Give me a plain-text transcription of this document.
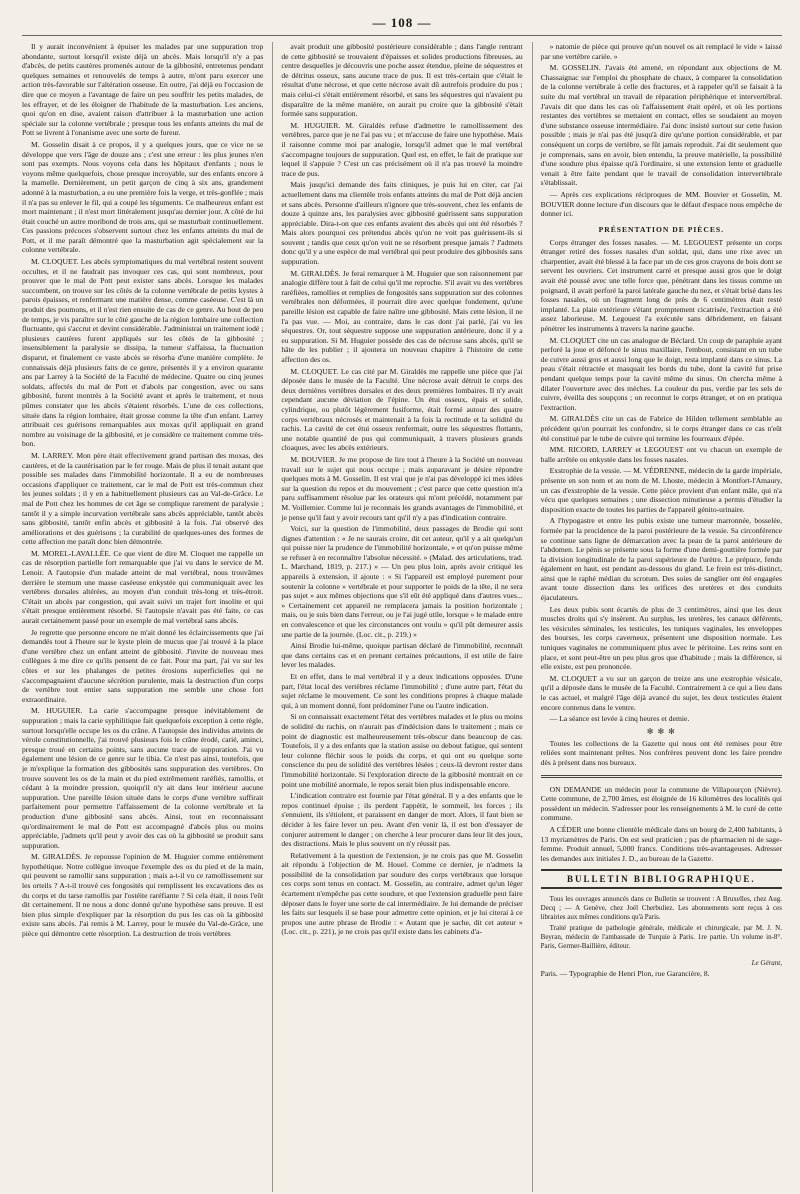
— 108 —

Il y aurait inconvénient à épuiser les malades par une suppuration trop abondante, surtout lorsqu'il existe déjà un abcès. Mais lorsqu'il n'y a pas d'abcès, de petits cautères promenés autour de la gibbosité, entretenus pendant quelques semaines et renouvelés de temps à autre, m'ont paru exercer une action très-favorable sur l'altération osseuse. En outre, j'ai déjà eu l'occasion de dire que ce moyen a l'avantage de faire un peu souffrir les petits malades, de les effrayer, et de les éloigner de l'habitude de la masturbation. Les anciens, quoi qu'on en dise, avaient raison d'attribuer à la masturbation une action spéciale sur la colonne vertébrale ; presque tous les enfants atteints du mal de Pott se livrent à l'onanisme avec une sorte de fureur.

M. Gosselin disait à ce propos, il y a quelques jours, que ce vice ne se développe que vers l'âge de douze ans ; c'est une erreur : les plus jeunes n'en sont pas exempts. Nous voyons cela dans les hôpitaux d'enfants ; nous le voyons même quelquefois, chose presque incroyable, sur des enfants encore à la mamelle. Dernièrement, un petit garçon de cinq à six ans, grandement adonné à la masturbation, a eu une première fois la verge, et très-gonflée ; mais il n'a pas su enlever le fil, qui a coupé les téguments. Ce malheureux enfant est mort maintenant ; il n'est mort littéralement jusqu'au dernier jour. A côté de lui était couché un autre moribond de trois ans, qui se masturbait continuellement. Ces passions précoces s'observent surtout chez les enfants atteints du mal de Pott, et il me paraît démontré que la masturbation agit spécialement sur la colonne vertébrale.

M. CLOQUET. Les abcès symptomatiques du mal vertébral restent souvent occultes, et il ne faudrait pas invoquer ces cas, qui sont nombreux, pour prouver que le mal de Pott peut exister sans abcès. Lorsque les malades succombent, on trouve sur les côtés de la colonne vertébrale de petits kystes à parois épaisses, et renfermant une matière dense, comme caséeuse. C'est là un produit des poumons, et il n'est rien ensuite de cas de ce genre. Au bout de peu de temps, je vis paraître sur le côté gauche de la région lombaire une collection fluctuante, qui s'accrut et devint considérable. J'administrai un traitement iodé ; plusieurs cautères furent appliqués sur les côtés de la gibbosité ; insensiblement la paralysie se dissipa, la tumeur s'affaissa, la fluctuation disparut, et finalement ce vaste abcès se résorba d'une manière complète. Je connaissais déjà plusieurs faits de ce genre, présentés il y a environ quarante ans par Larrey à la Société de la Faculté de médecine. Quatre ou cinq jeunes soldats, affectés du mal de Pott et d'abcès par congestion, avec ou sans gibbosité, furent montrés à la Société avant et après le traitement, et nous pûmes constater que les abcès s'étaient résorbés. L'une de ces collections, située dans la région lombaire, était grosse comme la tête d'un enfant. Larrey attribuait ces guérisons remarquables aux moxas qu'il appliquait en grand nombre au voisinage de la gibbosité, et je considère ce traitement comme très-bon.

M. LARREY. Mon père était effectivement grand partisan des moxas, des cautères, et de la cautérisation par le fer rouge. Mais de plus il tenait autant que possible ses malades dans l'immobilité horizontale. Il a eu de nombreuses occasions d'appliquer ce traitement, car le mal de Pott est très-commun chez les jeunes soldats ; il y en a habituellement plusieurs cas au Val-de-Grâce. Le mal de Pott chez les hommes de cet âge se complique rarement de paralysie ; tantôt il y a simple incurvation vertébrale sans abcès appréciable, tantôt abcès sans gibbosité, tantôt enfin abcès et gibbosité à la fois. J'ai observé des améliorations et des guérisons ; la curabilité de quelques-unes des formes de cette affection me paraît donc bien démontrée.

M. MOREL-LAVALLÉE. Ce que vient de dire M. Cloquet me rappelle un cas de résorption partielle fort remarquable que j'ai vu dans le service de M. Lenoir. A l'autopsie d'un malade atteint de mal vertébral, nous trouvâmes derrière le sternum une masse caséeuse enkystée qui communiquait avec les vertèbres dorsales altérées, au moyen d'un conduit très-long et très-étroit. C'était un abcès par congestion, qui avait suivi un trajet fort insolite et qui s'était presque entièrement résorbé. Si l'autopsie n'avait pas été faite, ce cas aurait certainement passé pour un exemple de mal vertébral sans abcès.

Je regrette que personne encore ne m'ait donné les éclaircissements que j'ai demandés tout à l'heure sur le kyste plein de mucus que j'ai trouvé à la place d'une vertèbre chez un enfant atteint de gibbosité. J'invite de nouveau mes collègues à me dire ce qu'ils pensent de ce fait. Pour ma part, j'ai vu sur les côtes et sur les phalanges de petites érosions superficielles qui ne s'accompagnaient d'aucune sécrétion purulente, mais la destruction d'un corps de vertèbre tout entier sans suppuration me semble une chose fort extraordinaire.

M. HUGUIER. La carie s'accompagne presque inévitablement de suppuration ; mais la carie syphilitique fait quelquefois exception à cette règle, surtout lorsqu'elle occupe les os du crâne. A l'autopsie des individus atteints de vérole constitutionnelle, j'ai trouvé plusieurs fois le crâne érodé, carié, aminci, presque troué en certains points, sans aucune trace de suppuration. J'ai vu également une lésion de ce genre sur le tibia. Ce n'est pas ainsi, toutefois, que je m'explique la formation des gibbosités sans suppuration des vertèbres. On trouve souvent les os de la main et du pied extrêmement raréfiés, ramollis, et cédant à la moindre pression, quoiqu'il n'y ait dans leur intérieur aucune suppuration. Une pareille lésion située dans le corps d'une vertèbre suffirait parfaitement pour permettre l'affaissement de la colonne vertébrale et la production d'une gibbosité sans abcès. Ainsi, tout en reconnaissant qu'ordinairement le mal de Pott est accompagné d'abcès plus ou moins appréciable, j'admets qu'il peut y avoir des cas où la gibbosité se produit sans suppuration.

M. GIRALDÈS. Je repousse l'opinion de M. Huguier comme entièrement hypothétique. Notre collègue invoque l'exemple des os du pied et de la main, qui peuvent se ramollir sans suppuration ; mais a-t-il vu ce ramollissement sur les orteils ? A-t-il trouvé ces fongosités qui remplissent les excavations des os du corps et du tarse ramollis par l'ostéite raréfiante ? Si cela était, il nous l'eût dit certainement. Il ne nous a donc donné qu'une hypothèse sans preuve. Il est bien plus simple d'expliquer par la résorption du pus les cas où la gibbosité existe sans abcès. J'ai remis à M. Larrey, pour le musée du Val-de-Grâce, une pièce qui démontre cette résorption. La destruction de trois vertèbres

avait produit une gibbosité postérieure considérable ; dans l'angle rentrant de cette gibbosité se trouvaient d'épaisses et solides productions fibreuses, au centre desquelles je découvris une poche assez étendue, pleine de séquestres et de détritus osseux, sans aucune trace de pus. Il est très-certain que c'était le résultat d'une nécrose, et que cette nécrose avait dû autrefois produire du pus ; mais celui-ci s'était entièrement résorbé, et sans les séquestres qui n'avaient pu disparaître de la même manière, on aurait pu croire que la gibbosité s'était formée sans suppuration.

M. HUGUIER. M. Giraldès refuse d'admettre le ramollissement des vertèbres, parce que je ne l'ai pas vu ; et m'accuse de faire une hypothèse. Mais il raisonne comme moi par analogie, lorsqu'il admet que le mal vertébral s'accompagne toujours de suppuration. Quel est, en effet, le fait de pratique sur lequel il s'appuie ? C'est un cas précisément où il n'a pas trouvé la moindre trace de pus.

Mais jusqu'ici demande des faits cliniques, je puis lui en citer, car j'ai actuellement dans ma clientèle trois enfants atteints du mal de Pott déjà ancien et sans abcès. Personne d'ailleurs n'ignore que très-souvent, chez les enfants de douze à quinze ans, les paralysies avec gibbosité guérissent sans suppuration appréciable. Dira-t-on que ces enfants avaient des abcès qui ont été résorbés ? Mais alors pourquoi ces prétendus abcès qu'on ne voit pas guérissent-ils si souvent ; tandis que ceux qu'on voit ne se résorbent presque jamais ? J'admets donc qu'il y a une espèce de mal vertébral qui peut produire des gibbosités sans suppuration.

M. GIRALDÈS. Je ferai remarquer à M. Huguier que son raisonnement par analogie diffère tout à fait de celui qu'il me reproche. S'il avait vu des vertèbres raréfiées, ramollies et remplies de fongosités sans suppuration sur des colonnes vertébrales non déformées, il pourrait dire avec quelque fondement, qu'une pareille lésion est capable de faire naître une gibbosité. Mais cette lésion, il ne l'a pas vue. — Moi, au contraire, dans le cas dont j'ai parlé, j'ai vu les séquestres. Or, tout séquestre suppose une suppuration antérieure, donc il y a eu suppuration. Si M. Huguier possède des cas de nécrose sans abcès, qu'il se hâte de les publier ; il ajoutera un nouveau chapitre à l'histoire de cette affection des os.

M. CLOQUET. Le cas cité par M. Giraldès me rappelle une pièce que j'ai déposée dans le musée de la Faculté. Une nécrose avait détruit le corps des deux dernières vertèbres dorsales et des deux premières lombaires. Il n'y avait cependant aucune déviation de l'épine. Un étui osseux, épais et solide, cylindrique, ou plutôt légèrement fusiforme, était formé autour des quatre corps vertébraux nécrosés et maintenait à la fois la rectitude et la solidité du rachis. La cavité de cet étui osseux renfermait, outre les séquestres flottants, une notable quantité de pus qui communiquait, à travers plusieurs grands cloaques, avec les abcès extérieurs.

M. BOUVIER. Je me propose de lire tout à l'heure à la Société un nouveau travail sur le sujet qui nous occupe ; mais auparavant je désire répondre quelques mots à M. Gosselin. Il est vrai que je n'ai pas développé ici mes idées sur la question du repos et du mouvement ; c'est parce que cette question m'a paru suffisamment résolue par les orateurs qui m'ont précédé, notamment par M. Voillemier. Comme lui je reconnais les grands avantages de l'immobilité, et je pense qu'il faut y avoir recours tant qu'il n'y a pas d'indication contraire.

Voici, sur la question de l'immobilité, deux passages de Brodie qui sont dignes d'attention : « Je ne saurais croire, dit cet auteur, qu'il y a ait quelqu'un qui puisse nier la prudence de l'immobilité horizontale, » et qu'on puisse même se refuser à en reconnaître l'absolue nécessité. » (Malad. des articulations, trad. L. Marchand, 1819, p. 217.) » — Un peu plus loin, après avoir critiqué les appareils à extension, il ajoute : « Si l'appareil est employé purement pour soutenir la colonne » vertébrale et pour supporter le poids de la tête, il ne sera pas sujet » aux mêmes objections que s'il eût été appliqué dans d'autres vues... » Certainement cet appareil ne remplacera jamais la position horizontale ; mais, ou je suis bien dans l'erreur, ou je l'ai jugé utile, lorsque » le malade entre en convalescence et que les circonstances ont voulu » qu'il pût demeurer assis une partie de la journée. (Loc. cit., p. 219.) »

Ainsi Brodie lui-même, quoique partisan déclaré de l'immobilité, reconnaît que dans certains cas et en prenant certaines précautions, il est utile de faire lever les malades.

Et en effet, dans le mal vertébral il y a deux indications opposées. D'une part, l'état local des vertèbres réclame l'immobilité ; d'une autre part, l'état du sujet réclame le mouvement. Ce sont les conditions propres à chaque malade qui, à un moment donné, font prédominer l'une ou l'autre indication.

Si on connaissait exactement l'état des vertèbres malades et le plus ou moins de solidité du rachis, on n'aurait pas d'indécision dans le traitement ; mais ce point de diagnostic est malheureusement très-obscur dans beaucoup de cas. Toutefois, il y a des enfants que la station assise ou debout fatigue, qui sentent leur colonne fléchir sous le poids du corps, et qui ont eu quelque sorte conscience du peu de solidité des vertèbres lésées ; ceux-là devront rester dans l'immobilité horizontale. Si l'exploration directe de la gibbosité montrait en ce point une mobilité anormale, le repos serait bien plus indispensable encore.

L'indication contraire est fournie par l'état général. Il y a des enfants que le repos continuel épuise ; ils perdent l'appétit, le sommeil, les forces ; ils s'ennuient, ils s'étiolent, et paraissent en danger de mort. Alors, il faut bien se décider à les faire lever un peu. Avant d'en venir là, il est bon d'essayer de conjurer autrement le danger ; on cherche à leur procurer dans leur lit des joux, des distractions. Mais le plus souvent on n'y réussit pas.

Relativement à la question de l'extension, je ne crois pas que M. Gosselin ait répondu à l'objection de M. Houel. Comme ce dernier, je n'admets la possibilité de la consolidation par soudure des corps vertébraux que lorsque ces corps sont tenus en contact. M. Gosselin, au contraire, admet qu'un léger écartement n'empêche pas cette soudure, et que l'extension graduelle peut faire déposer dans le foyer une sorte de cal intermédiaire. Je lui demande de préciser les faits sur lesquels il se base pour admettre cette opinion, et je lui citerai à ce propos une autre phrase de Brodie : « Autant que je sache, dit cet auteur » (Loc. cit., p. 221), je ne crois pas qu'il existe dans les cabinets d'a-

» natomie de pièce qui prouve qu'un nouvel os ait remplacé le vide » laissé par une vertèbre cariée. »

M. GOSSELIN. J'avais été amené, en répondant aux objections de M. Chassaignac sur l'emploi du phosphate de chaux, à comparer la consolidation de la colonne vertébrale à celle des fractures, et à rappeler qu'il se faisait à la suite du mal vertébral un travail de réparation périphérique et intervertébral. J'avais dit que dans les cas où l'affaissement était opéré, et où les portions restantes des vertèbres se mettaient en contact, elles se soudaient au moyen d'une substance osseuse intermédiaire. J'ai donc insisté surtout sur cette fusion possible ; mais je n'ai pas été jusqu'à dire qu'une portion considérable, et par conséquent un corps de vertèbre, se fût jamais reproduit. J'ai dit seulement que je comprenais, sans en avoir, bien entendu, la preuve matérielle, la possibilité d'une soudure plus épaisse qu'à l'ordinaire, si une extension lente et graduelle venait à être faite pendant que le travail de consolidation intervertébrale s'établissait.

— Après ces explications réciproques de MM. Bouvier et Gosselin, M. BOUVIER donne lecture d'un discours que le défaut d'espace nous empêche de donner ici.

PRÉSENTATION DE PIÈCES.

Corps étranger des fosses nasales. — M. LEGOUEST présente un corps étranger retiré des fosses nasales d'un soldat, qui, dans une rixe avec un charpentier, avait été blessé à la face par un de ces gros crayons de bois dont se servent les ouvriers. Cet instrument carré et presque aussi gros que le doigt avait été poussé avec une telle force que, pénétrant dans les tissus comme un poignard, il avait perforé la paroi latérale gauche du nez, et s'était brisé dans les fosses nasales, où un fragment long de près de 6 centimètres était resté implanté. La plaie extérieure s'étant promptement cicatrisée, l'extraction a été assez laborieuse. M. Legouest l'a exécutée sans débridement, en faisant pénétrer les instruments à travers la narine gauche.

M. CLOQUET cite un cas analogue de Béclard. Un coup de parapluie ayant perforé la joue et défoncé le sinus maxillaire, l'embout, consistant en un tube de cuivre aussi gros et aussi long que le doigt, resta implanté dans ce sinus. La peau s'était rétractée et masquait les bords du tube, dont la cavité fut prise pendant quelque temps pour la cavité même du sinus. On chercha même à dilater l'ouverture avec des mèches. La couleur du pus, verdie par les sels de cuivre, éveilla des soupçons ; on reconnut le corps étranger, et on en pratiqua l'extraction.

M. GIRALDÈS cite un cas de Fabrice de Hilden tellement semblable au précédent qu'on pourrait les confondre, si le corps étranger dans ce cas n'eût été constitué par le tube de cuivre qui termine les fourreaux d'épée.

MM. RICORD, LARREY et LEGOUEST ont vu chacun un exemple de balle arrêtée ou enkystée dans les fosses nasales.

Exstrophie de la vessie. — M. VÉDRENNE, médecin de la garde impériale, présente en son nom et au nom de M. Lhoste, médecin à Montfort-l'Amaury, un cas d'exstrophie de la vessie. Cette pièce provient d'un enfant mâle, qui n'a vécu que quelques semaines ; une dissection minutieuse a permis d'étudier la disposition exacte de toutes les parties de l'appareil génito-urinaire.

A l'hypogastre et entre les pubis existe une tumeur marronnée, bosselée, formée par la procidence de la paroi postérieure de la vessie. Sa circonférence se continue sans ligne de démarcation avec la peau de la paroi antérieure de l'abdomen. Le pénis se présente sous la forme d'une demi-gouttière formée par la division longitudinale de la paroi supérieure de l'urètre. Le prépuce, fendu également en haut, est pendant au-dessous du gland. Le frein est très-distinct, ainsi que le raphé médian du scrotum. Des soies de sanglier ont été engagées avant toute dissection dans les orifices des uretères et des conduits éjaculateurs.

Les deux pubis sont écartés de plus de 3 centimètres, ainsi que les deux muscles droits qui s'y insèrent. Au surplus, les uretères, les canaux déférents, les vésicules séminales, les testicules, les tuniques vaginales, les enveloppes des bourses, les corps caverneux, présentent une disposition normale. Les tuniques vaginales ne communiquent plus avec le péritoine. Les reins sont en place, et sont peut-être un peu plus gros que d'habitude ; mais la différence, si elle existe, est peu prononcée.

M. CLOQUET a vu sur un garçon de treize ans une exstrophie vésicale, qu'il a déposée dans le musée de la Faculté. Contrairement à ce qui a lieu dans le cas actuel, et malgré l'âge déjà avancé du sujet, les deux testicules étaient encore contenus dans le ventre.

— La séance est levée à cinq heures et demie.

✻ ✻ ✻

Toutes les collections de la Gazette qui nous ont été remises pour être reliées sont maintenant prêtes. Nos confrères peuvent donc les faire prendre dès à présent dans nos bureaux.

ON DEMANDE un médecin pour la commune de Villapourçon (Nièvre). Cette commune, de 2,700 âmes, est éloignée de 16 kilomètres des localités qui possèdent un médecin. S'adresser pour les renseignements à M. le curé de cette commune.

A CÉDER une bonne clientèle médicale dans un bourg de 2,400 habitants, à 13 myriamètres de Paris. On est seul praticien ; pas de pharmacien ni de sage-femme. Produit annuel, 5,000 francs. Conditions très-avantageuses. Adresser les demandes aux initiales J. D., au bureau de la Gazette.

BULLETIN BIBLIOGRAPHIQUE.

Tous les ouvrages annoncés dans ce Bulletin se trouvent : A Bruxelles, chez Aug. Decq ; — A Genève, chez Joël Cherbuliez. Les abonnements sont reçus à ces librairies aux mêmes conditions qu'à Paris.

Traité pratique de pathologie générale, médicale et chirurgicale, par M. J. N. Beyran, médecin de l'ambassade de Turquie à Paris. 1re partie. Un volume in-8°. Paris, Germer-Baillière, éditeur.

Le Gérant,

Paris. — Typographie de Henri Plon, rue Garancière, 8.
